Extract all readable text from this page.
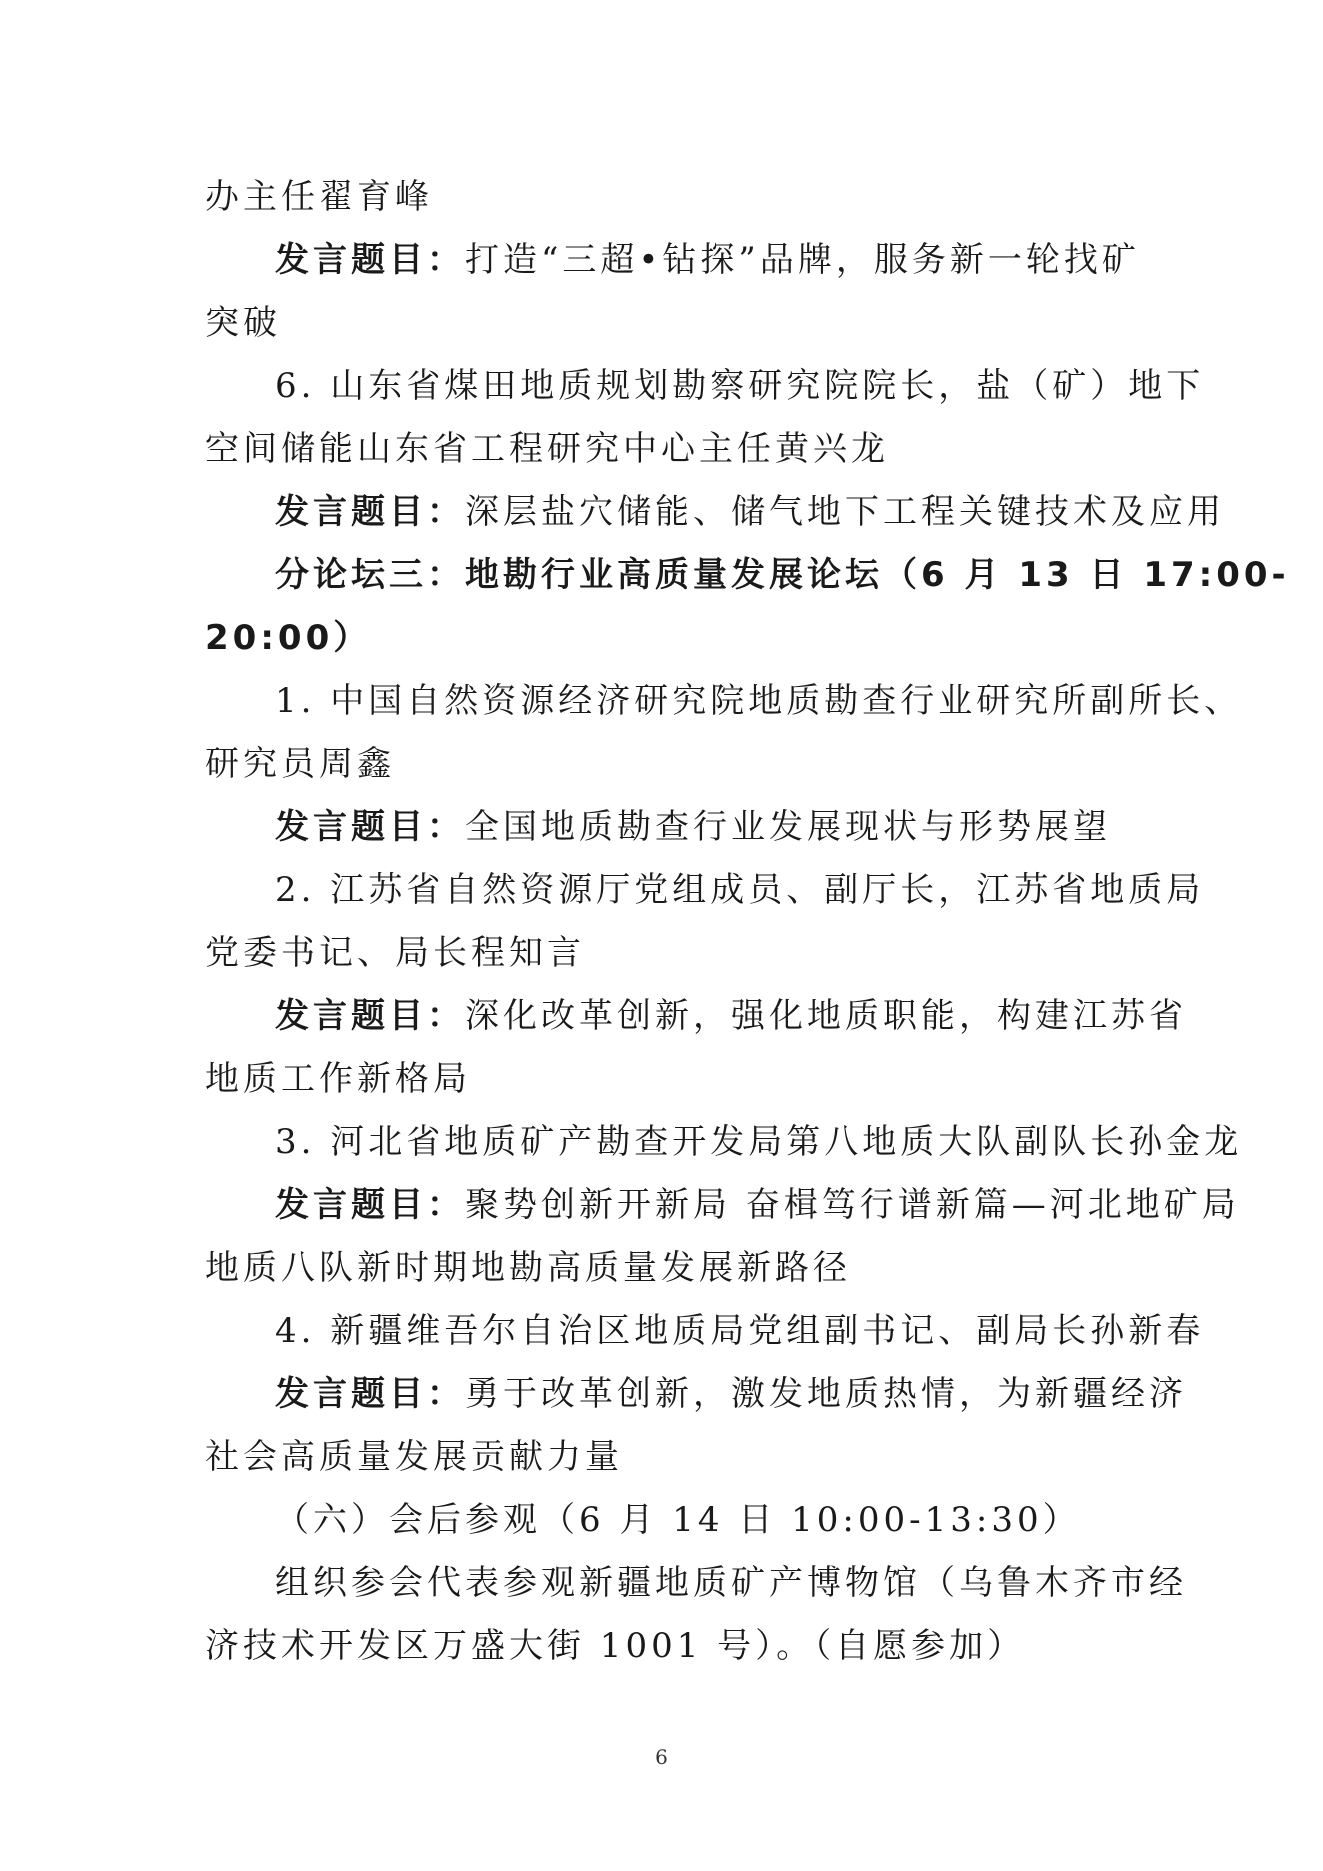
办主任翟育峰
发言题目：打造“三超•钻探”品牌，服务新一轮找矿
突破
6. 山东省煤田地质规划勘察研究院院长，盐（矿）地下
空间储能山东省工程研究中心主任黄兴龙
发言题目：深层盐穴储能、储气地下工程关键技术及应用
分论坛三：地勘行业高质量发展论坛（6 月 13 日 17:00-
20:00）
1. 中国自然资源经济研究院地质勘查行业研究所副所长、
研究员周鑫
发言题目：全国地质勘查行业发展现状与形势展望
2. 江苏省自然资源厅党组成员、副厅长，江苏省地质局
党委书记、局长程知言
发言题目：深化改革创新，强化地质职能，构建江苏省
地质工作新格局
3. 河北省地质矿产勘查开发局第八地质大队副队长孙金龙
发言题目：聚势创新开新局 奋楫笃行谱新篇—河北地矿局
地质八队新时期地勘高质量发展新路径
4. 新疆维吾尔自治区地质局党组副书记、副局长孙新春
发言题目：勇于改革创新，激发地质热情，为新疆经济
社会高质量发展贡献力量
（六）会后参观（6 月 14 日 10:00-13:30）
组织参会代表参观新疆地质矿产博物馆（乌鲁木齐市经
济技术开发区万盛大街 1001 号）。（自愿参加）
6
